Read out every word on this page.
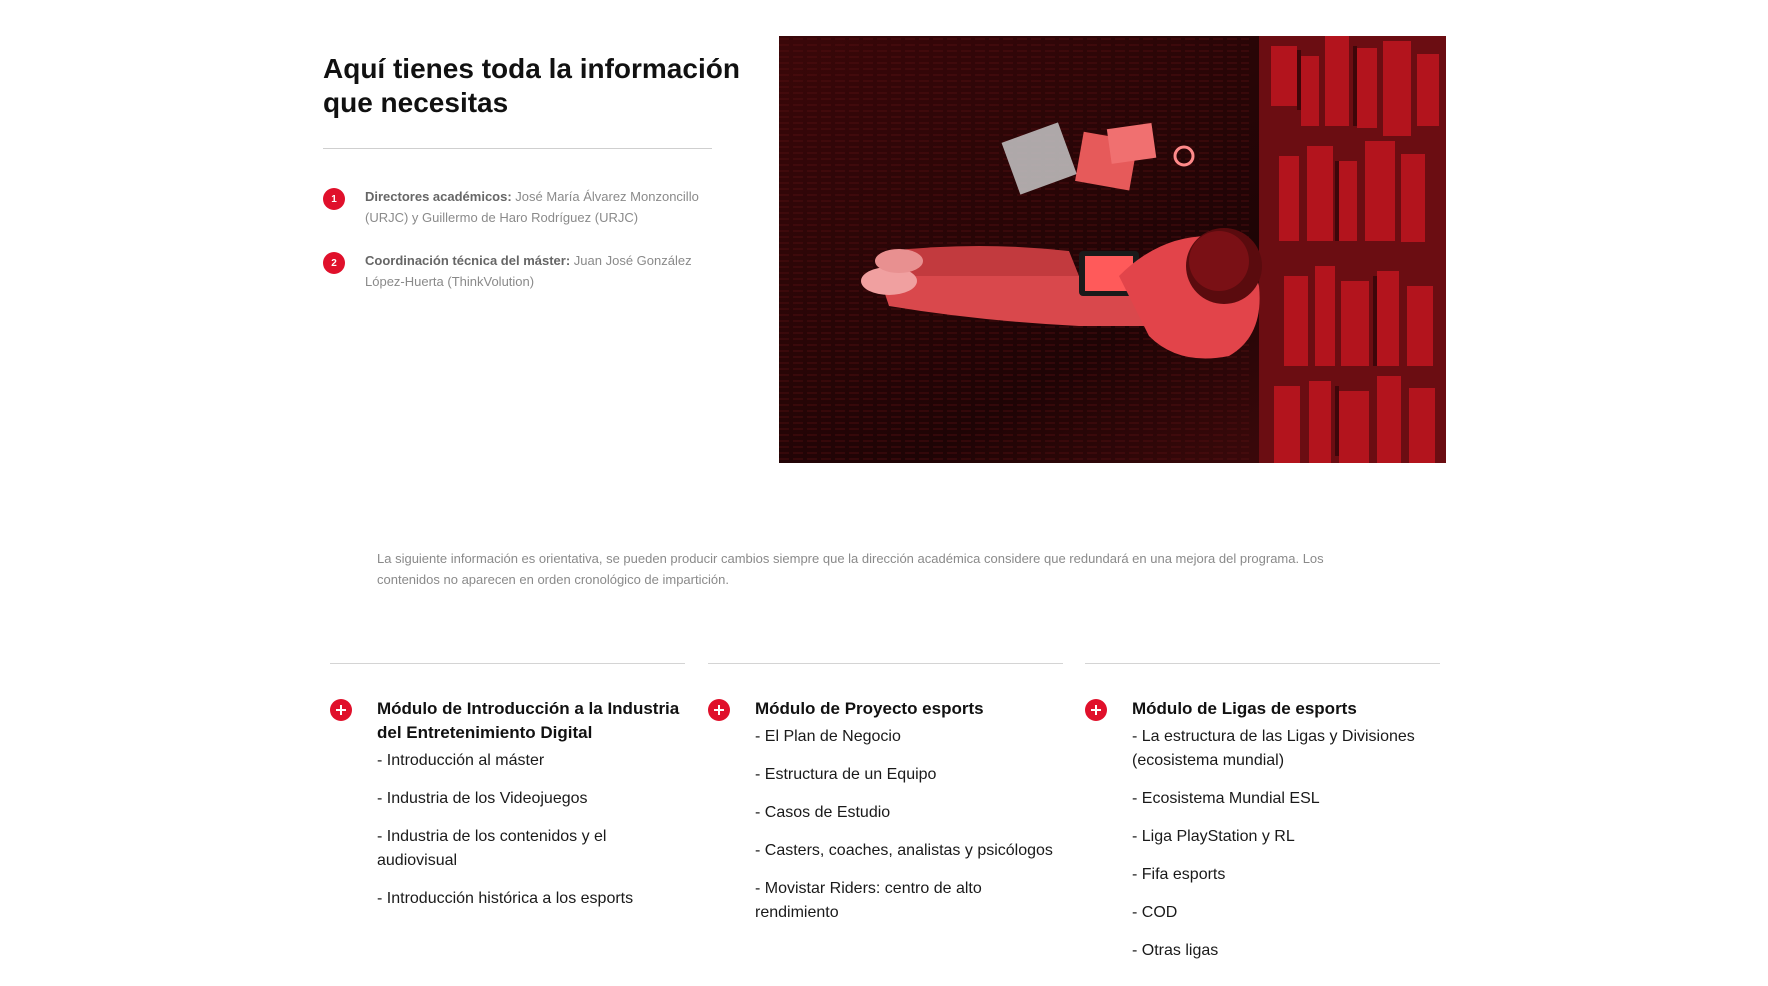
Aquí tienes toda la información que necesitas
1	Directores académicos: José María Álvarez Monzoncillo (URJC) y Guillermo de Haro Rodríguez (URJC)
2	Coordinación técnica del máster: Juan José González López-Huerta (ThinkVolution)

La siguiente información es orientativa, se pueden producir cambios siempre que la dirección académica considere que redundará en una mejora del programa. Los contenidos no aparecen en orden cronológico de impartición.

Módulo de Introducción a la Industria del Entretenimiento Digital
- Introducción al máster
- Industria de los Videojuegos
- Industria de los contenidos y el audiovisual
- Introducción histórica a los esports
Módulo de Proyecto esports
- El Plan de Negocio
- Estructura de un Equipo
- Casos de Estudio
- Casters, coaches, analistas y psicólogos
- Movistar Riders: centro de alto rendimiento
Módulo de Ligas de esports
- La estructura de las Ligas y Divisiones (ecosistema mundial)
- Ecosistema Mundial ESL
- Liga PlayStation y RL
- Fifa esports
- COD
- Otras ligas
